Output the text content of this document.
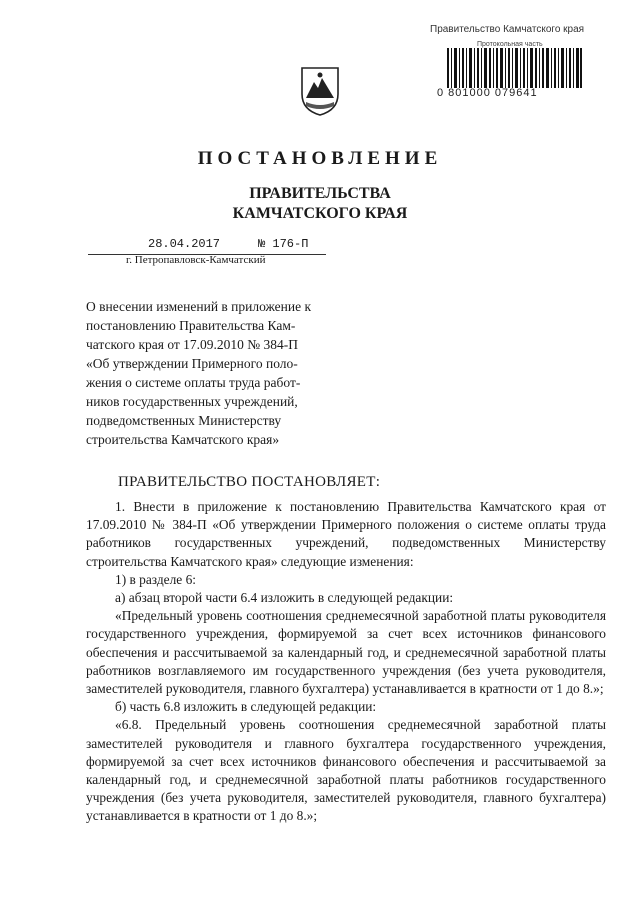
Правительство Камчатского края
Протокольная часть
0 801000 079641
ПОСТАНОВЛЕНИЕ
ПРАВИТЕЛЬСТВА
КАМЧАТСКОГО КРАЯ
28.04.2017	№ 176-П
г. Петропавловск-Камчатский
О внесении изменений в приложение к
постановлению Правительства Кам-
чатского края от 17.09.2010 № 384-П
«Об утверждении Примерного поло-
жения о системе оплаты труда работ-
ников государственных учреждений,
подведомственных Министерству
строительства Камчатского края»
ПРАВИТЕЛЬСТВО ПОСТАНОВЛЯЕТ:

1. Внести в приложение к постановлению Правительства Камчатского края от 17.09.2010 № 384-П «Об утверждении Примерного положения о системе оплаты труда работников государственных учреждений, подведомственных Министерству строительства Камчатского края» следующие изменения:

1) в разделе 6:

а) абзац второй части 6.4 изложить в следующей редакции:

«Предельный уровень соотношения среднемесячной заработной платы руководителя государственного учреждения, формируемой за счет всех источников финансового обеспечения и рассчитываемой за календарный год, и среднемесячной заработной платы работников возглавляемого им государственного учреждения (без учета руководителя, заместителей руководителя, главного бухгалтера) устанавливается в кратности от 1 до 8.»;

б) часть 6.8 изложить в следующей редакции:

«6.8. Предельный уровень соотношения среднемесячной заработной платы заместителей руководителя и главного бухгалтера государственного учреждения, формируемой за счет всех источников финансового обеспечения и рассчитываемой за календарный год, и среднемесячной заработной платы работников государственного учреждения (без учета руководителя, заместителей руководителя, главного бухгалтера) устанавливается в кратности от 1 до 8.»;
